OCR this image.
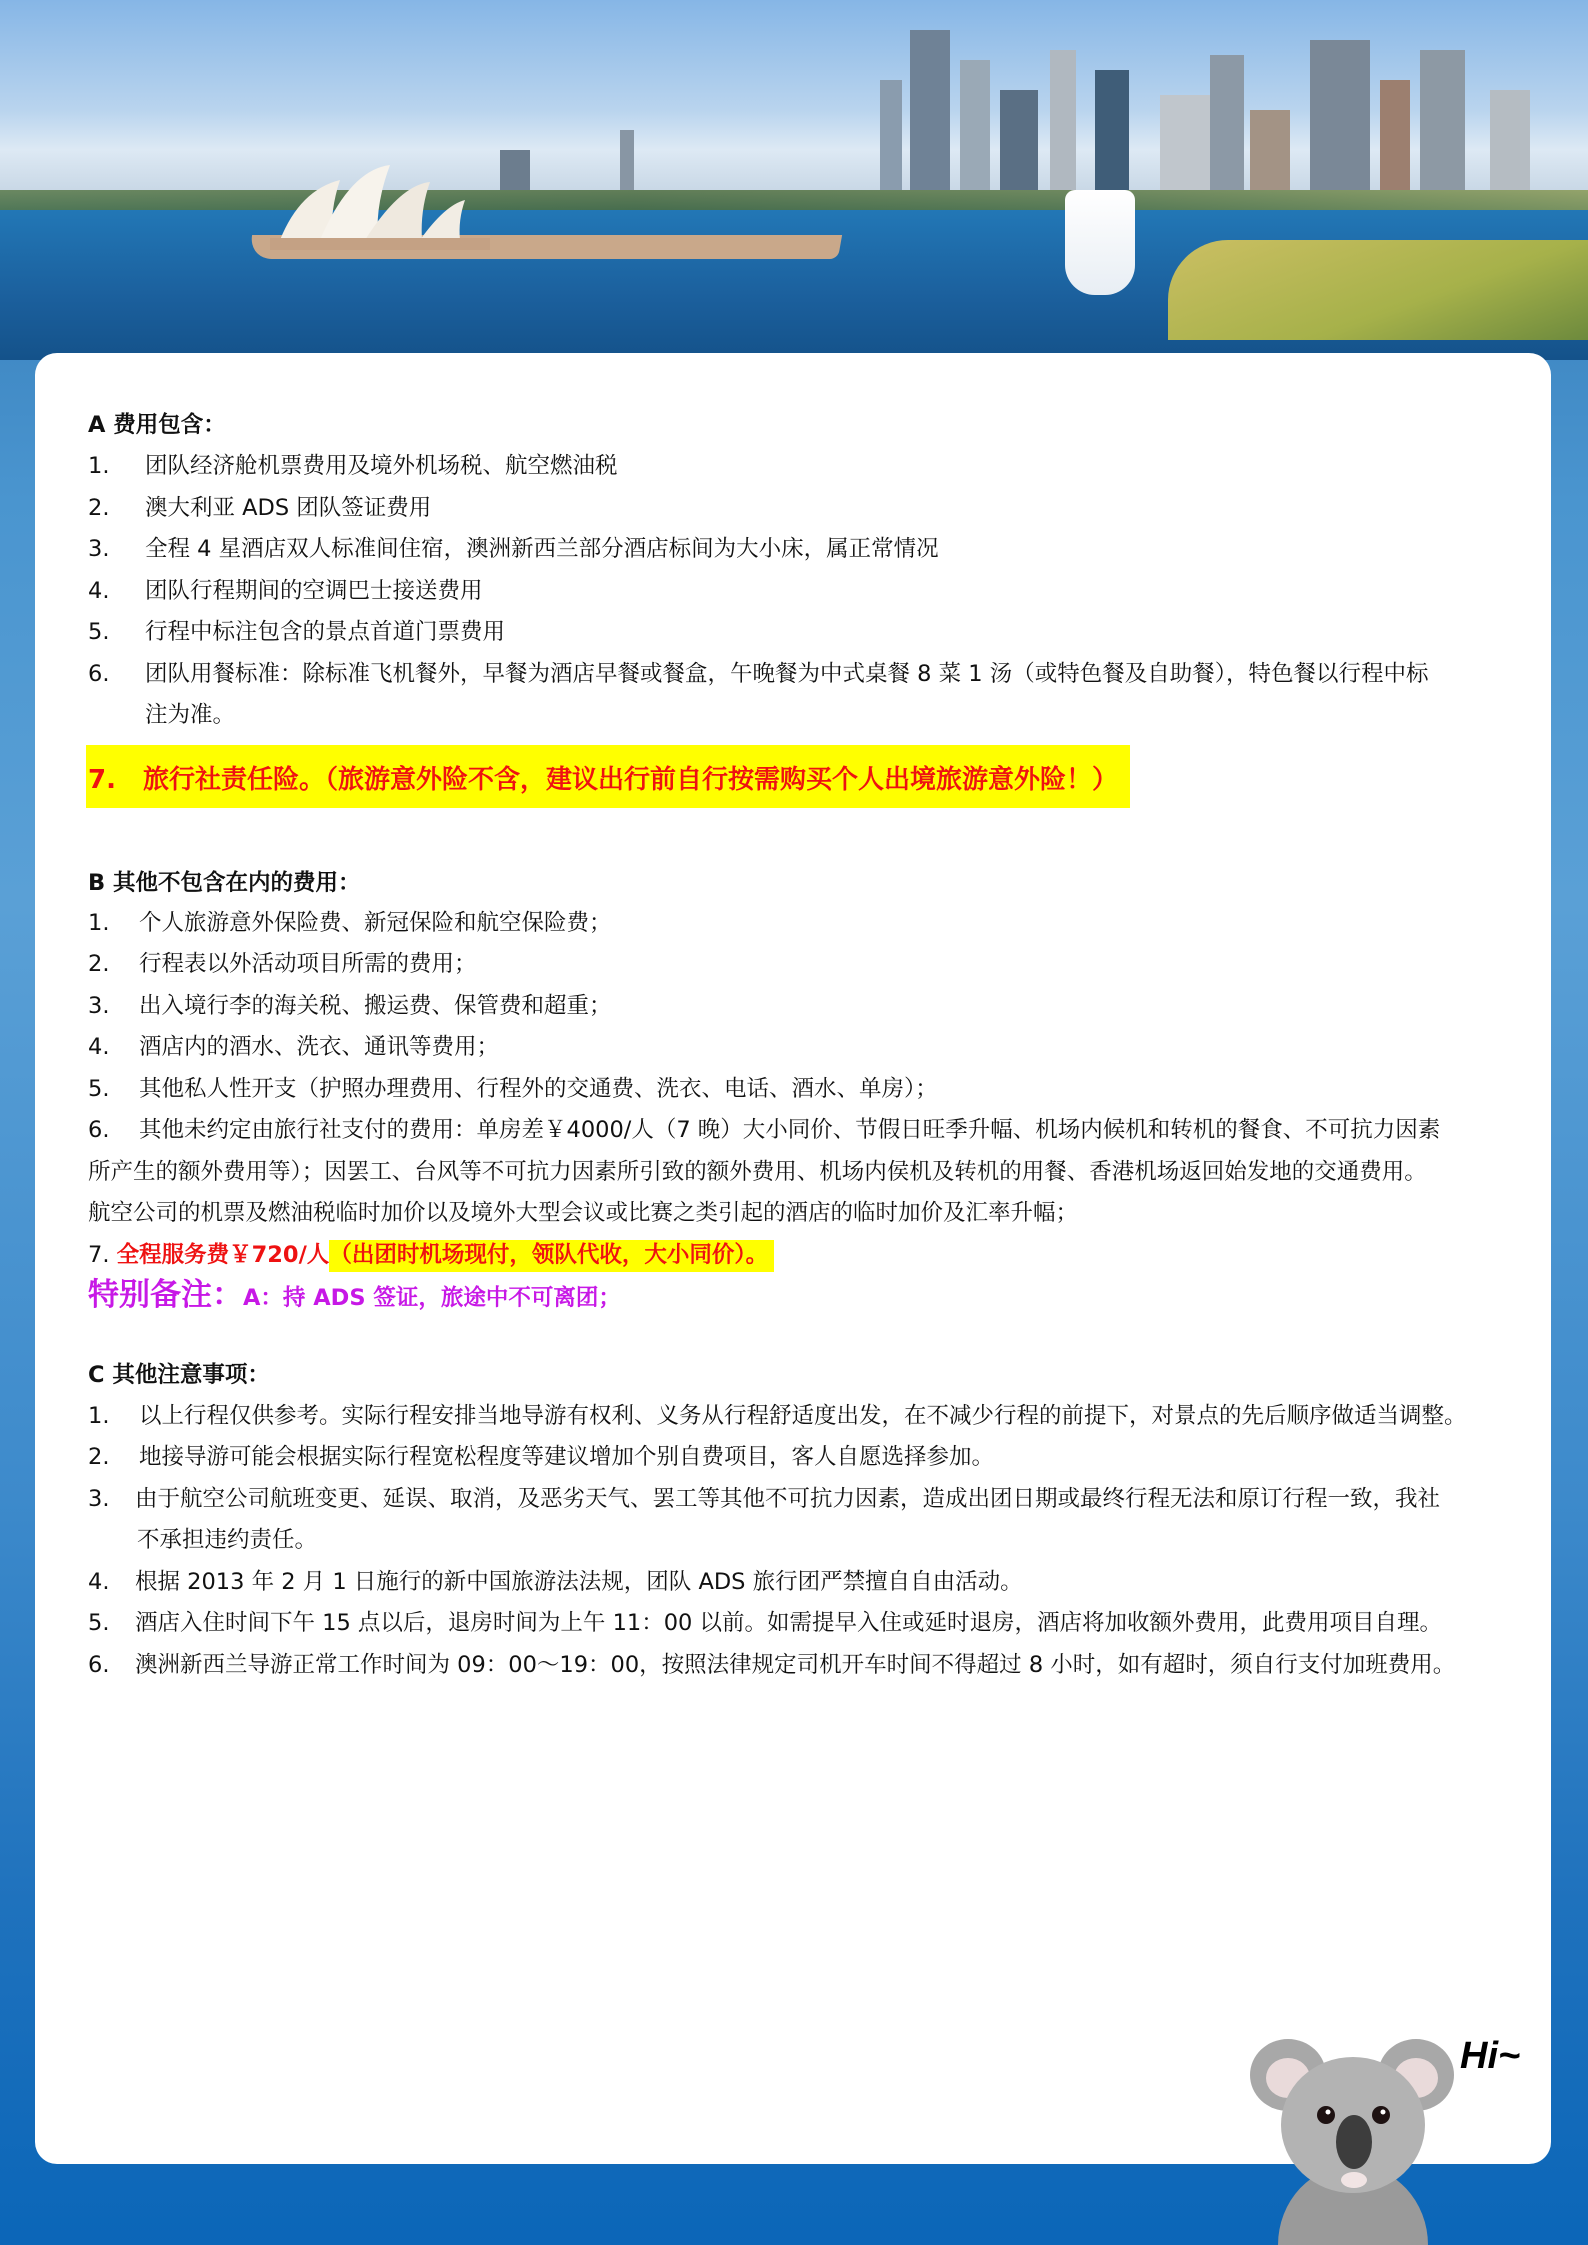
A 费用包含：

1.	团队经济舱机票费用及境外机场税、航空燃油税
2.	澳大利亚 ADS 团队签证费用
3.	全程 4 星酒店双人标准间住宿，澳洲新西兰部分酒店标间为大小床，属正常情况
4.	团队行程期间的空调巴士接送费用
5.	行程中标注包含的景点首道门票费用
6.	团队用餐标准：除标准飞机餐外，早餐为酒店早餐或餐盒，午晚餐为中式桌餐 8 菜 1 汤（或特色餐及自助餐），特色餐以行程中标
注为准。
7. 旅行社责任险。（旅游意外险不含，建议出行前自行按需购买个人出境旅游意外险！）

B 其他不包含在内的费用：

1.	个人旅游意外保险费、新冠保险和航空保险费；
2.	行程表以外活动项目所需的费用；
3.	出入境行李的海关税、搬运费、保管费和超重；
4.	酒店内的酒水、洗衣、通讯等费用；
5.	其他私人性开支（护照办理费用、行程外的交通费、洗衣、电话、酒水、单房）；
6.	其他未约定由旅行社支付的费用：单房差￥4000/人（7 晚）大小同价、节假日旺季升幅、机场内候机和转机的餐食、不可抗力因素
所产生的额外费用等）；因罢工、台风等不可抗力因素所引致的额外费用、机场内侯机及转机的用餐、香港机场返回始发地的交通费用。
航空公司的机票及燃油税临时加价以及境外大型会议或比赛之类引起的酒店的临时加价及汇率升幅；
7. 全程服务费￥720/人（出团时机场现付，领队代收，大小同价）。
特别备注：A：持 ADS 签证，旅途中不可离团；

C 其他注意事项：

1.	以上行程仅供参考。实际行程安排当地导游有权利、义务从行程舒适度出发，在不减少行程的前提下，对景点的先后顺序做适当调整。
2.	地接导游可能会根据实际行程宽松程度等建议增加个别自费项目，客人自愿选择参加。
3.	由于航空公司航班变更、延误、取消，及恶劣天气、罢工等其他不可抗力因素，造成出团日期或最终行程无法和原订行程一致，我社
不承担违约责任。
4.	根据 2013 年 2 月 1 日施行的新中国旅游法法规，团队 ADS 旅行团严禁擅自自由活动。
5.	酒店入住时间下午 15 点以后，退房时间为上午 11：00 以前。如需提早入住或延时退房，酒店将加收额外费用，此费用项目自理。
6.	澳洲新西兰导游正常工作时间为 09：00～19：00，按照法律规定司机开车时间不得超过 8 小时，如有超时，须自行支付加班费用。
Hi~
